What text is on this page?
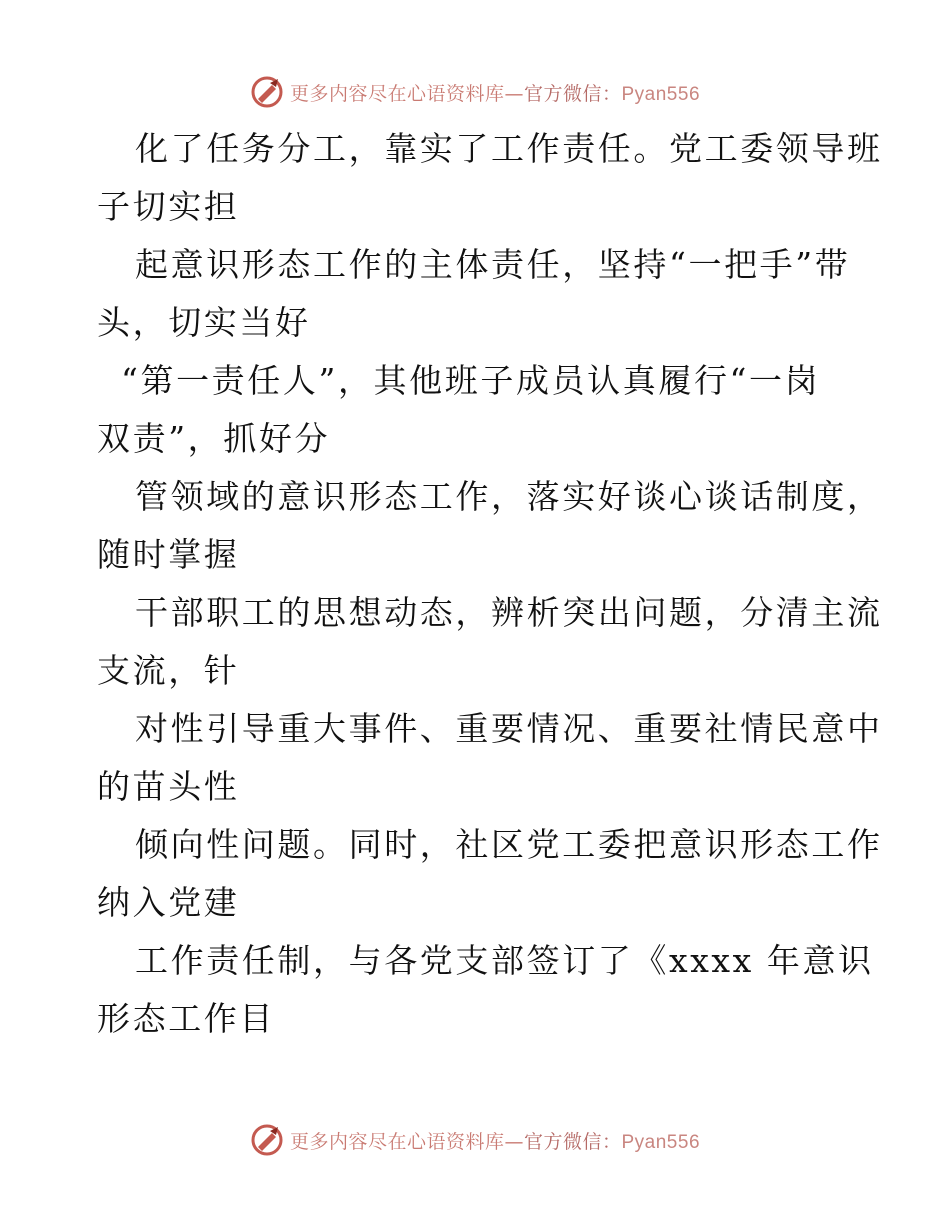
更多内容尽在心语资料库—官方微信：Pyan556

化了任务分工，靠实了工作责任。党工委领导班
子切实担

起意识形态工作的主体责任，坚持“一把手”带
头，切实当好

“第一责任人”，其他班子成员认真履行“一岗
双责”，抓好分

管领域的意识形态工作，落实好谈心谈话制度，
随时掌握

干部职工的思想动态，辨析突出问题，分清主流
支流，针

对性引导重大事件、重要情况、重要社情民意中
的苗头性

倾向性问题。同时，社区党工委把意识形态工作
纳入党建

工作责任制，与各党支部签订了《xxxx 年意识
形态工作目

更多内容尽在心语资料库—官方微信：Pyan556
